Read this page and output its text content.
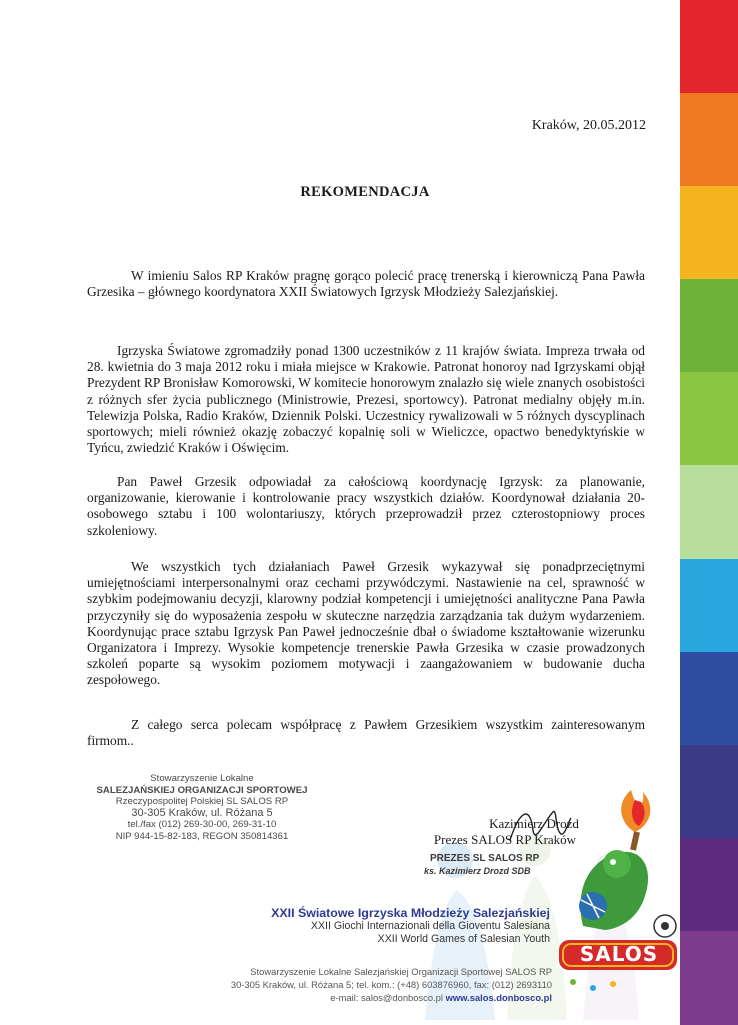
Kraków, 20.05.2012
REKOMENDACJA

W imieniu Salos RP Kraków pragnę gorąco polecić pracę trenerską i kierowniczą Pana Pawła Grzesika – głównego koordynatora XXII Światowych Igrzysk Młodzieży Salezjańskiej.

Igrzyska Światowe zgromadziły ponad 1300 uczestników z 11 krajów świata. Impreza trwała od 28. kwietnia do 3 maja 2012 roku i miała miejsce w Krakowie. Patronat honoroy nad Igrzyskami objął Prezydent RP Bronisław Komorowski, W komitecie honorowym znalazło się wiele znanych osobistości z różnych sfer życia publicznego (Ministrowie, Prezesi, sportowcy). Patronat medialny objęły m.in. Telewizja Polska, Radio Kraków, Dziennik Polski. Uczestnicy rywalizowali w 5 różnych dyscyplinach sportowych; mieli również okazję zobaczyć kopalnię soli w Wieliczce, opactwo benedyktyńskie w Tyńcu, zwiedzić Kraków i Oświęcim.

Pan Paweł Grzesik odpowiadał za całościową koordynację Igrzysk: za planowanie, organizowanie, kierowanie i kontrolowanie pracy wszystkich działów. Koordynował działania 20-osobowego sztabu i 100 wolontariuszy, których przeprowadził przez czterostopniowy proces szkoleniowy.

We wszystkich tych działaniach Paweł Grzesik wykazywał się ponadprzeciętnymi umiejętnościami interpersonalnymi oraz cechami przywódczymi. Nastawienie na cel, sprawność w szybkim podejmowaniu decyzji, klarowny podział kompetencji i umiejętności analityczne Pana Pawła przyczyniły się do wyposażenia zespołu w skuteczne narzędzia zarządzania tak dużym wydarzeniem. Koordynując prace sztabu Igrzysk Pan Paweł jednocześnie dbał o świadome kształtowanie wizerunku Organizatora i Imprezy. Wysokie kompetencje trenerskie Pawła Grzesika w czasie prowadzonych szkoleń poparte są wysokim poziomem motywacji i zaangażowaniem w budowanie ducha zespołowego.

Z całego serca polecam współpracę z Pawłem Grzesikiem wszystkim zainteresowanym firmom..

Stowarzyszenie Lokalne
SALEZJAŃSKIEJ ORGANIZACJI SPORTOWEJ
Rzeczypospolitej Polskiej SL SALOS RP
30-305 Kraków, ul. Różana 5
tel./fax (012) 269-30-00, 269-31-10
NIP 944-15-82-183, REGON 350814361
Kazimierz Drozd
Prezes SALOS RP Kraków
PREZES SL SALOS RP
ks. Kazimierz Drozd SDB
SALOS
XXII Światowe Igrzyska Młodzieży Salezjańskiej
XXII Giochi Internazionali della Gioventu Salesiana
XXII World Games of Salesian Youth
Stowarzyszenie Lokalne Salezjańskiej Organizacji Sportowej SALOS RP
30-305 Kraków, ul. Różana 5; tel. kom.: (+48) 603876960, fax: (012) 2693110
e-mail: salos@donbosco.pl www.salos.donbosco.pl
